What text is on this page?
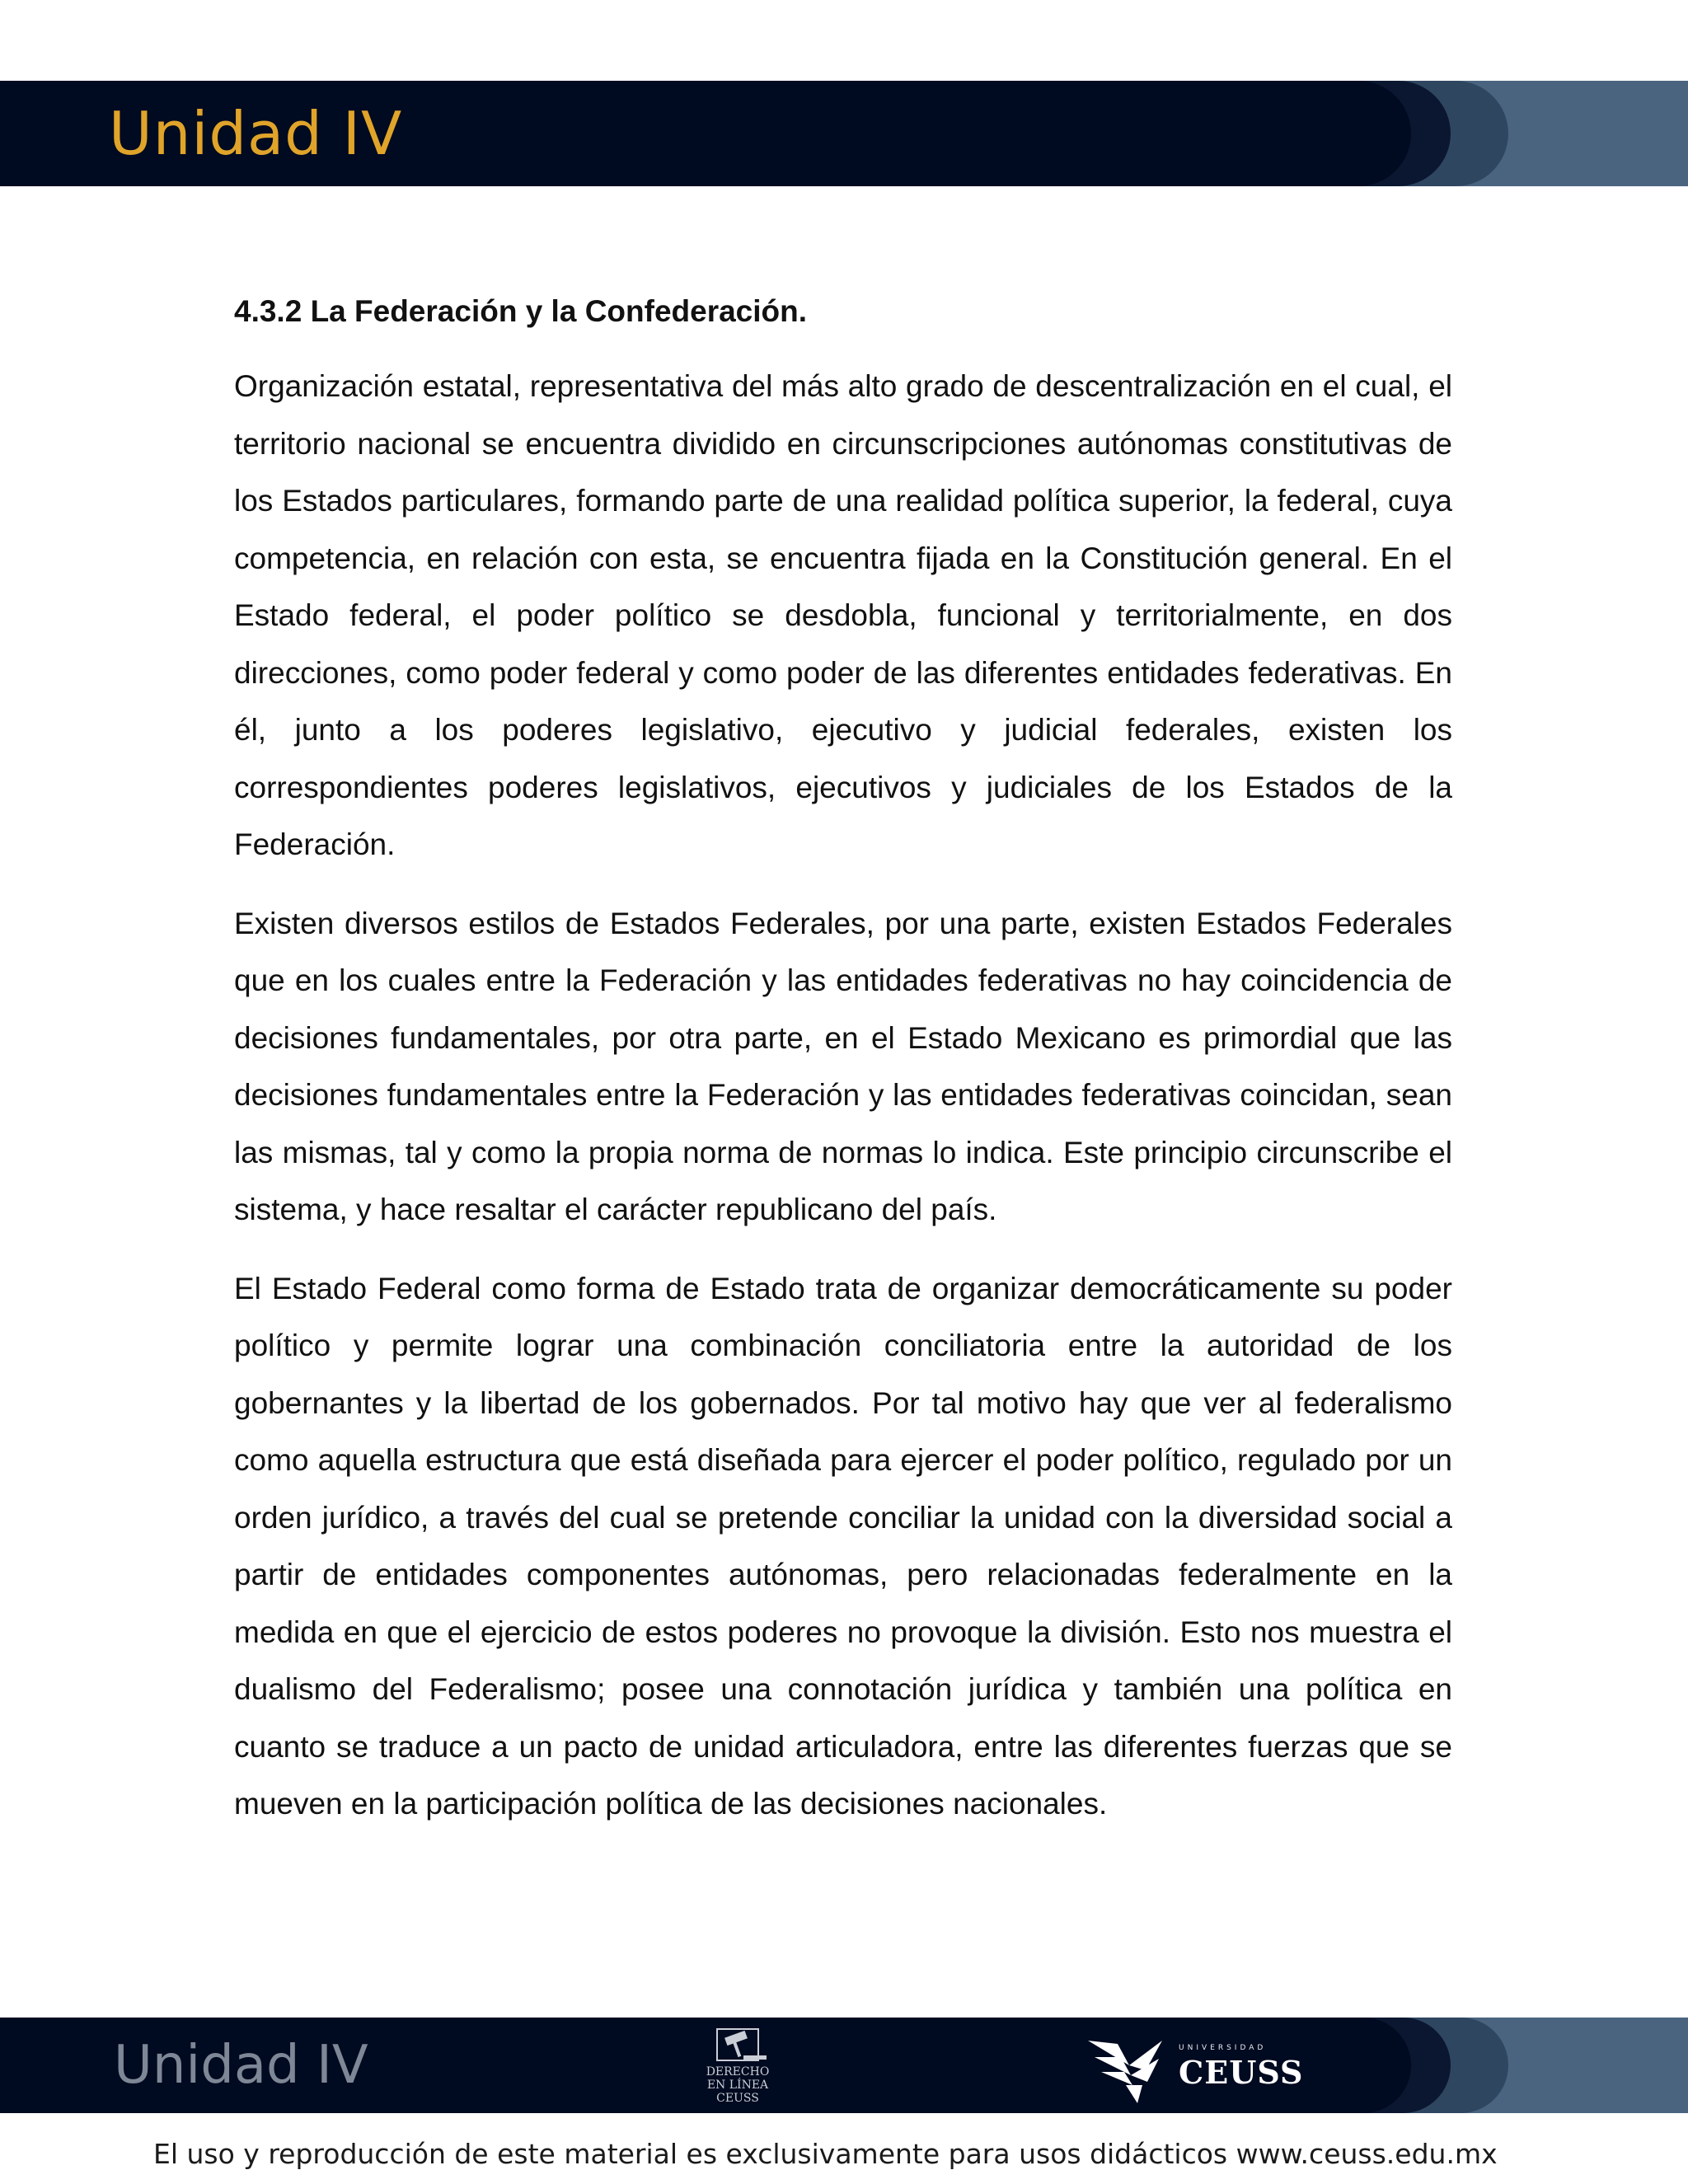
Unidad IV
4.3.2 La Federación y la Confederación.

Organización estatal, representativa del más alto grado de descentralización en el cual, el territorio nacional se encuentra dividido en circunscripciones autónomas constitutivas de los Estados particulares, formando parte de una realidad política superior, la federal, cuya competencia, en relación con esta, se encuentra fijada en la Constitución general. En el Estado federal, el poder político se desdobla, funcional y territorialmente, en dos direcciones, como poder federal y como poder de las diferentes entidades federativas. En él, junto a los poderes legislativo, ejecutivo y judicial federales, existen los correspondientes poderes legislativos, ejecutivos y judiciales de los Estados de la Federación.

Existen diversos estilos de Estados Federales, por una parte, existen Estados Federales que en los cuales entre la Federación y las entidades federativas no hay coincidencia de decisiones fundamentales, por otra parte, en el Estado Mexicano es primordial que las decisiones fundamentales entre la Federación y las entidades federativas coincidan, sean las mismas, tal y como la propia norma de normas lo indica. Este principio circunscribe el sistema, y hace resaltar el carácter republicano del país.

El Estado Federal como forma de Estado trata de organizar democráticamente su poder político y permite lograr una combinación conciliatoria entre la autoridad de los gobernantes y la libertad de los gobernados. Por tal motivo hay que ver al federalismo como aquella estructura que está diseñada para ejercer el poder político, regulado por un orden jurídico, a través del cual se pretende conciliar la unidad con la diversidad social a partir de entidades componentes autónomas, pero relacionadas federalmente en la medida en que el ejercicio de estos poderes no provoque la división. Esto nos muestra el dualismo del Federalismo; posee una connotación jurídica y también una política en cuanto se traduce a un pacto de unidad articuladora, entre las diferentes fuerzas que se mueven en la participación política de las decisiones nacionales.

Unidad IV	DERECHO
EN LÍNEA
CEUSS
UNIVERSIDAD
CEUSS
El uso y reproducción de este material es exclusivamente para usos didácticos www.ceuss.edu.mx
